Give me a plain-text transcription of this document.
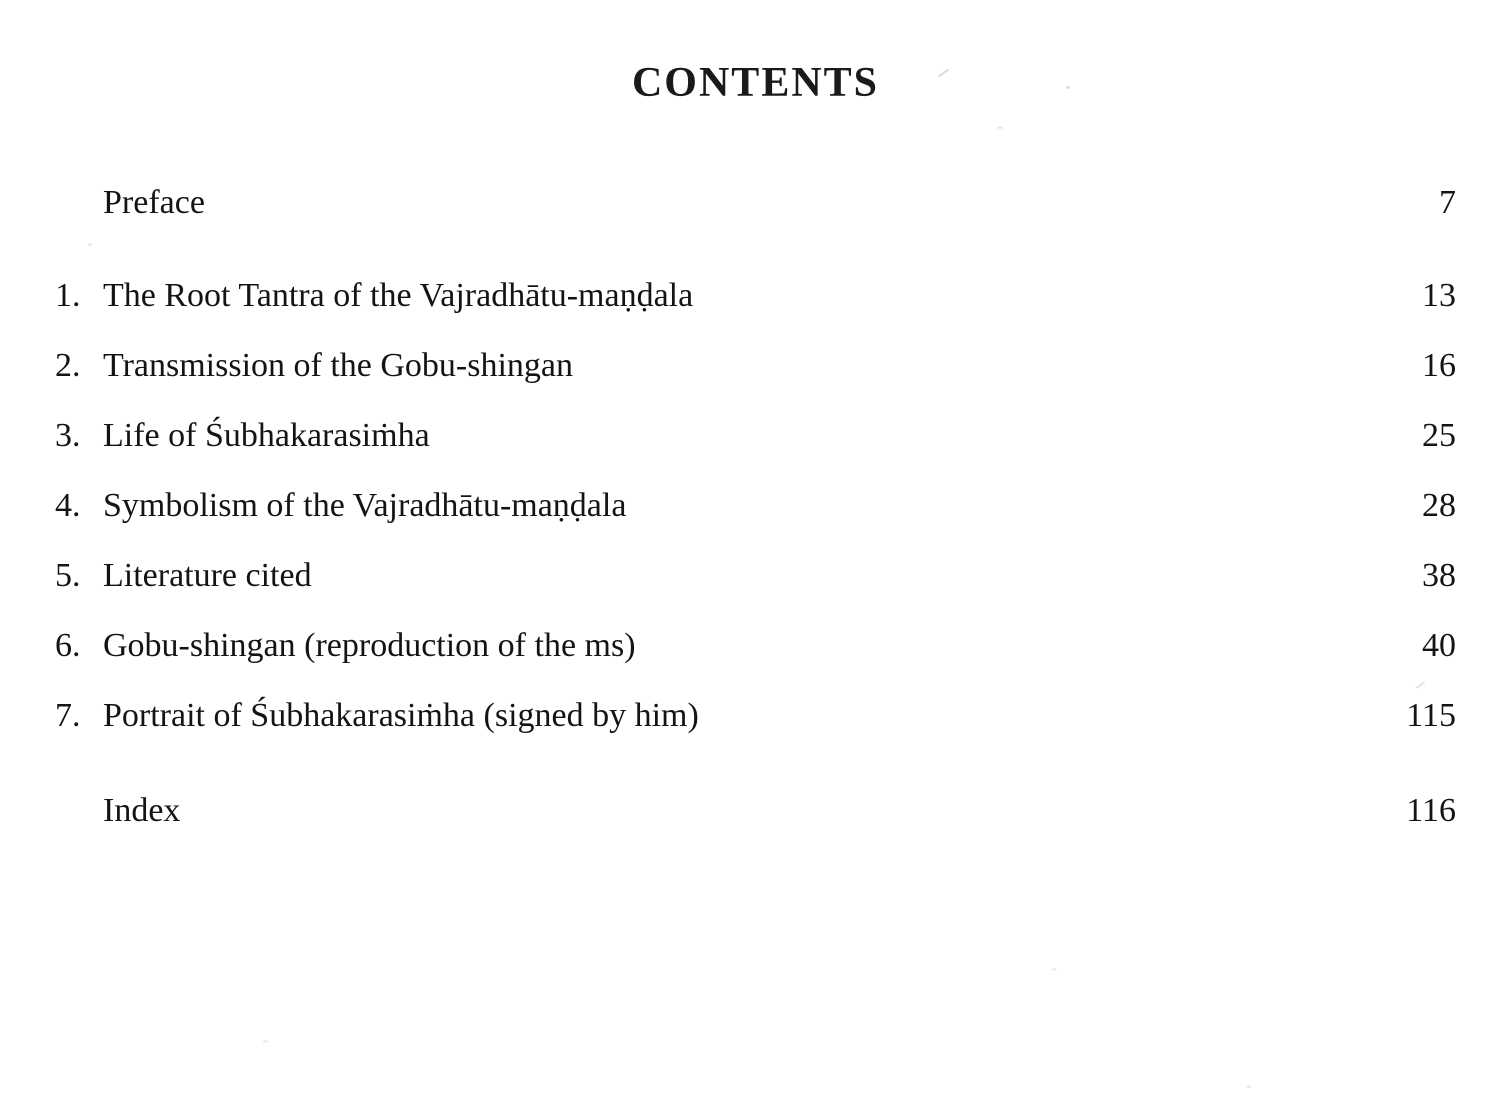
CONTENTS
Preface	7
1. The Root Tantra of the Vajradhātu-maṇḍala	13
2. Transmission of the Gobu-shingan	16
3. Life of Śubhakarasiṁha	25
4. Symbolism of the Vajradhātu-maṇḍala	28
5. Literature cited	38
6. Gobu-shingan (reproduction of the ms)	40
7. Portrait of Śubhakarasiṁha (signed by him)	115
Index	116
